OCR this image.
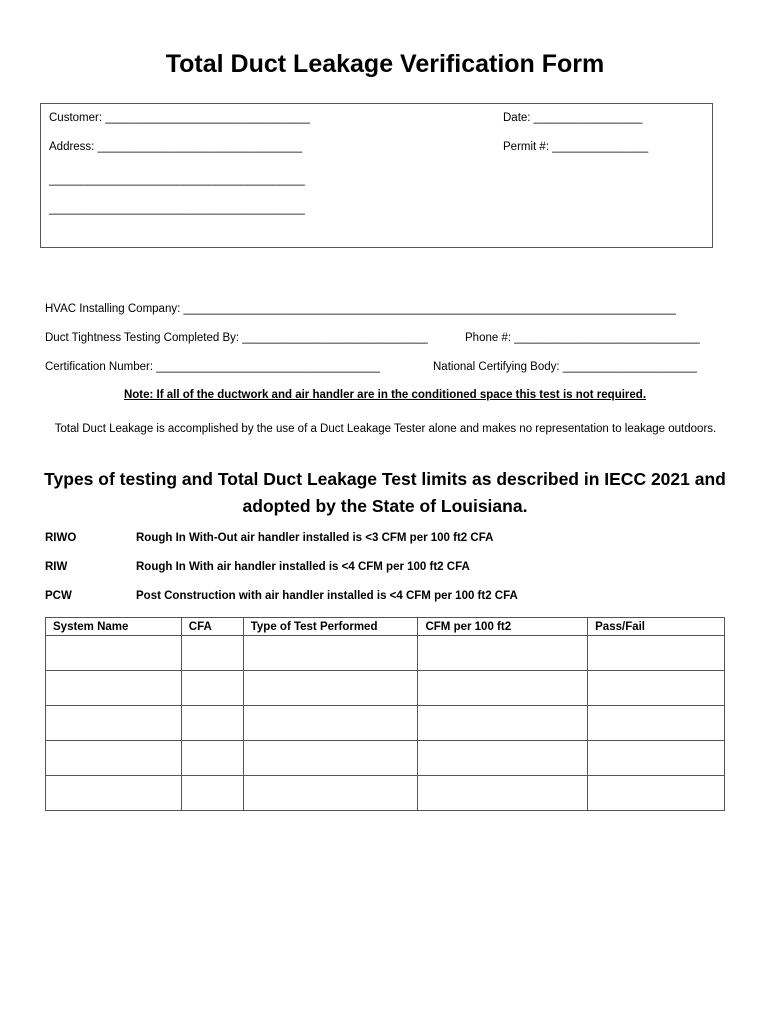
Total Duct Leakage Verification Form
Customer: ________________________________	Date: _________________
Address: ________________________________	Permit #: _______________
________________________________________
________________________________________
HVAC Installing Company: _____________________________________________________________________________
Duct Tightness Testing Completed By: _____________________________	Phone #: _____________________________
Certification Number: ___________________________________	National Certifying Body: _____________________
Note: If all of the ductwork and air handler are in the conditioned space this test is not required.
Total Duct Leakage is accomplished by the use of a Duct Leakage Tester alone and makes no representation to leakage outdoors.
Types of testing and Total Duct Leakage Test limits as described in IECC 2021 and adopted by the State of Louisiana.
RIWO	Rough In With-Out air handler installed is <3 CFM per 100 ft2 CFA
RIW	Rough In With air handler installed is <4 CFM per 100 ft2 CFA
PCW	Post Construction with air handler installed is <4 CFM per 100 ft2 CFA
System Name	CFA	Type of Test Performed	CFM per 100 ft2	Pass/Fail
